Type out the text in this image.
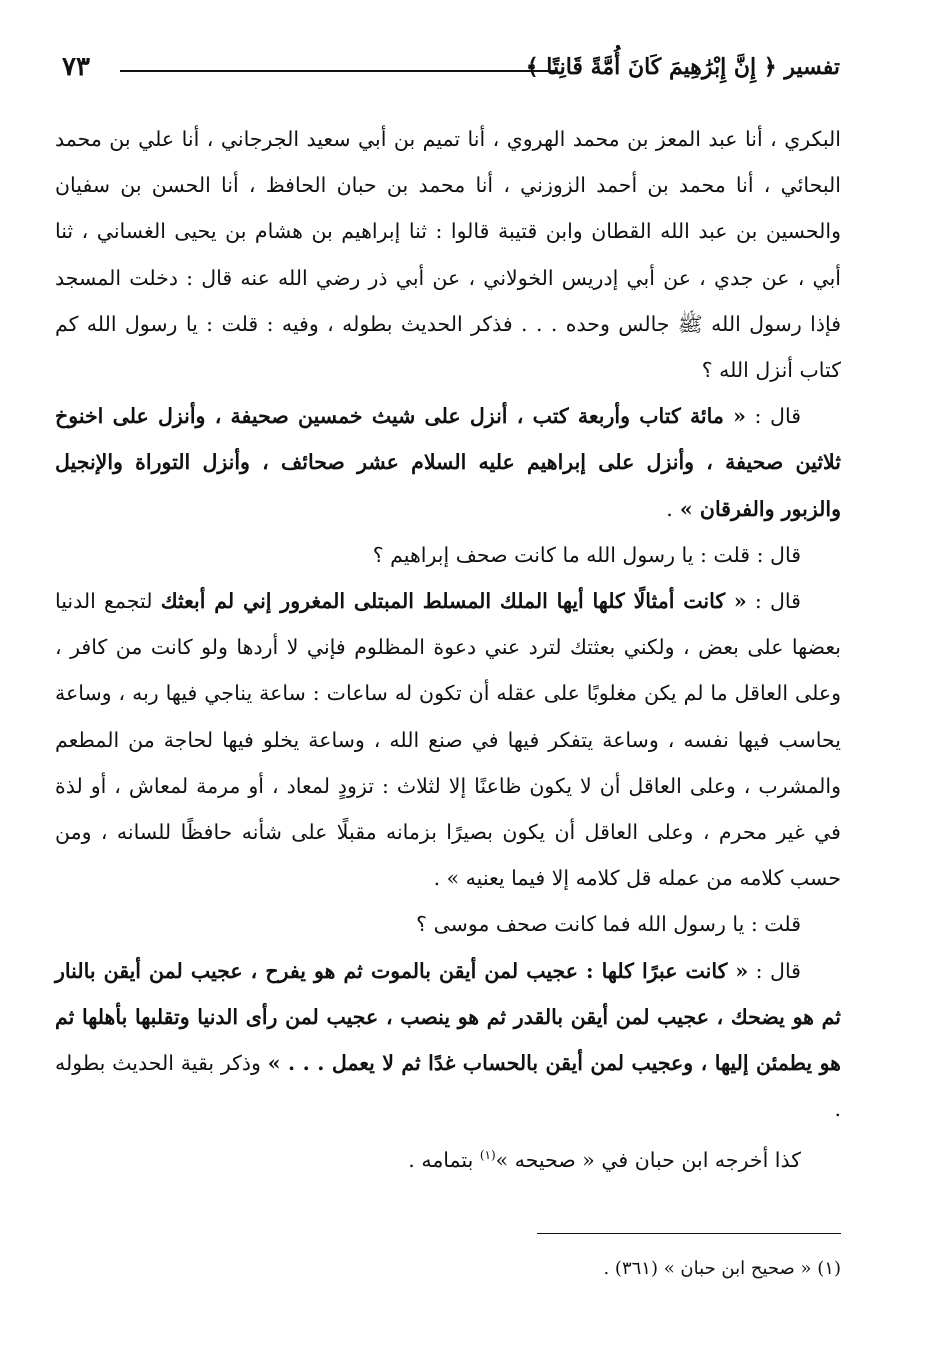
تفسير ﴿ إِنَّ إِبْرَٰهِيمَ كَانَ أُمَّةً قَانِتًا ﴾
٧٣

البكري ، أنا عبد المعز بن محمد الهروي ، أنا تميم بن أبي سعيد الجرجاني ، أنا علي بن محمد البحائي ، أنا محمد بن أحمد الزوزني ، أنا محمد بن حبان الحافظ ، أنا الحسن بن سفيان والحسين بن عبد الله القطان وابن قتيبة قالوا : ثنا إبراهيم بن هشام بن يحيى الغساني ، ثنا أبي ، عن جدي ، عن أبي إدريس الخولاني ، عن أبي ذر رضي الله عنه قال : دخلت المسجد فإذا رسول الله ﷺ جالس وحده . . . فذكر الحديث بطوله ، وفيه : قلت : يا رسول الله كم كتاب أنزل الله ؟

قال : « مائة كتاب وأربعة كتب ، أنزل على شيث خمسين صحيفة ، وأنزل على اخنوخ ثلاثين صحيفة ، وأنزل على إبراهيم عليه السلام عشر صحائف ، وأنزل التوراة والإنجيل والزبور والفرقان » .

قال : قلت : يا رسول الله ما كانت صحف إبراهيم ؟

قال : « كانت أمثالًا كلها أيها الملك المسلط المبتلى المغرور إني لم أبعثك لتجمع الدنيا بعضها على بعض ، ولكني بعثتك لترد عني دعوة المظلوم فإني لا أردها ولو كانت من كافر ، وعلى العاقل ما لم يكن مغلوبًا على عقله أن تكون له ساعات : ساعة يناجي فيها ربه ، وساعة يحاسب فيها نفسه ، وساعة يتفكر فيها في صنع الله ، وساعة يخلو فيها لحاجة من المطعم والمشرب ، وعلى العاقل أن لا يكون ظاعنًا إلا لثلاث : تزودٍ لمعاد ، أو مرمة لمعاش ، أو لذة في غير محرم ، وعلى العاقل أن يكون بصيرًا بزمانه مقبلًا على شأنه حافظًا للسانه ، ومن حسب كلامه من عمله قل كلامه إلا فيما يعنيه » .

قلت : يا رسول الله فما كانت صحف موسى ؟

قال : « كانت عبرًا كلها : عجيب لمن أيقن بالموت ثم هو يفرح ، عجيب لمن أيقن بالنار ثم هو يضحك ، عجيب لمن أيقن بالقدر ثم هو ينصب ، عجيب لمن رأى الدنيا وتقلبها بأهلها ثم هو يطمئن إليها ، وعجيب لمن أيقن بالحساب غدًا ثم لا يعمل . . . » وذكر بقية الحديث بطوله .

كذا أخرجه ابن حبان في « صحيحه »$^{(١)}$ بتمامه .

(١) « صحيح ابن حبان » (٣٦١) .
